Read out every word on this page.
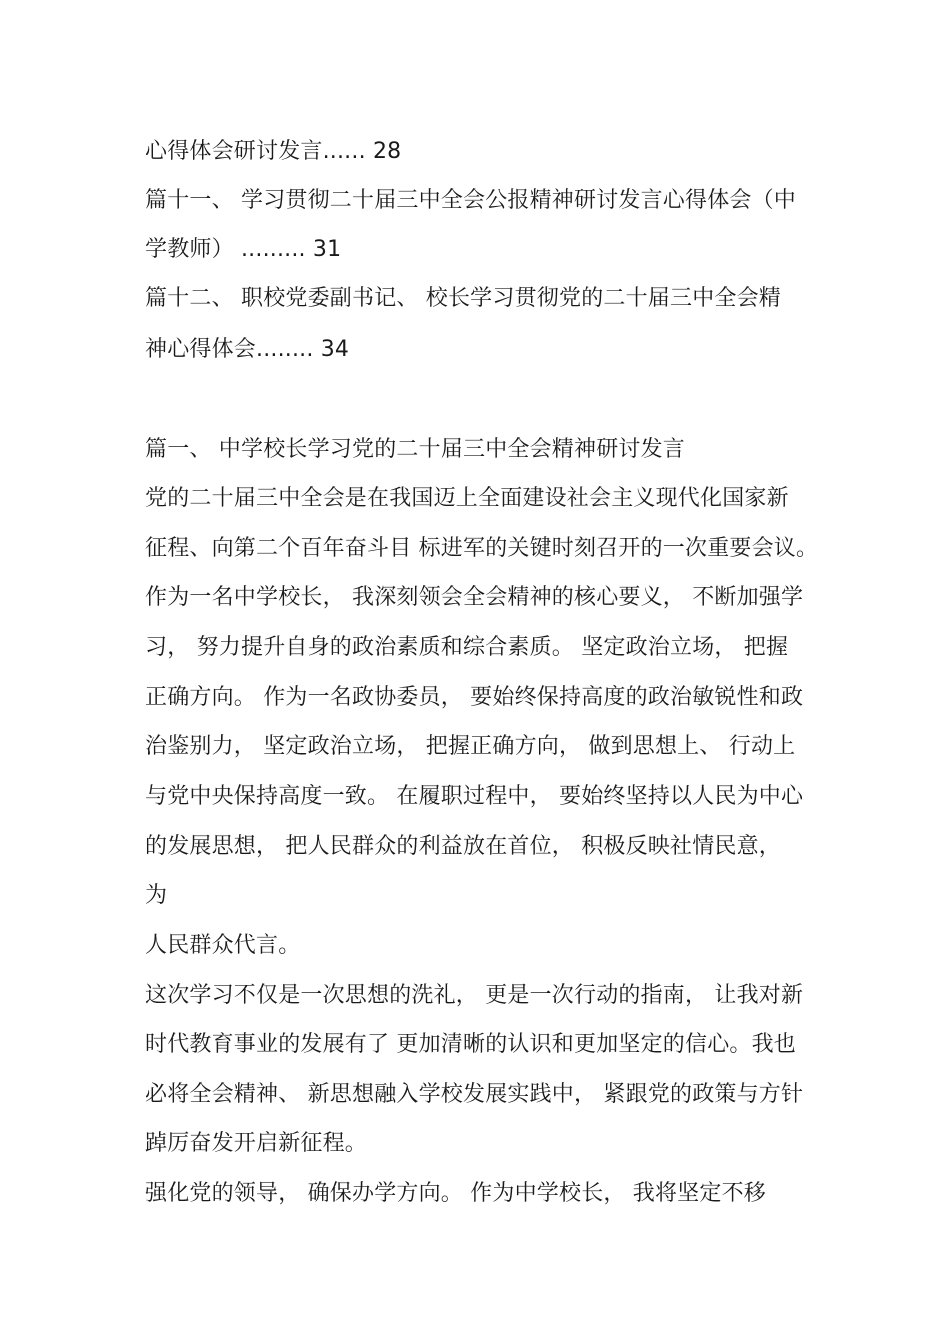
心得体会研讨发言...... 28
篇十一、 学习贯彻二十届三中全会公报精神研讨发言心得体会（中
学教师） ......... 31
篇十二、 职校党委副书记、 校长学习贯彻党的二十届三中全会精
神心得体会........ 34
篇一、 中学校长学习党的二十届三中全会精神研讨发言
党的二十届三中全会是在我国迈上全面建设社会主义现代化国家新
征程、向第二个百年奋斗目 标进军的关键时刻召开的一次重要会议。
作为一名中学校长， 我深刻领会全会精神的核心要义， 不断加强学
习， 努力提升自身的政治素质和综合素质。 坚定政治立场， 把握
正确方向。 作为一名政协委员， 要始终保持高度的政治敏锐性和政
治鉴别力， 坚定政治立场， 把握正确方向， 做到思想上、 行动上
与党中央保持高度一致。 在履职过程中， 要始终坚持以人民为中心
的发展思想， 把人民群众的利益放在首位， 积极反映社情民意，
为
人民群众代言。
这次学习不仅是一次思想的洗礼， 更是一次行动的指南， 让我对新
时代教育事业的发展有了 更加清晰的认识和更加坚定的信心。我也
必将全会精神、 新思想融入学校发展实践中， 紧跟党的政策与方针
踔厉奋发开启新征程。
强化党的领导， 确保办学方向。 作为中学校长， 我将坚定不移
